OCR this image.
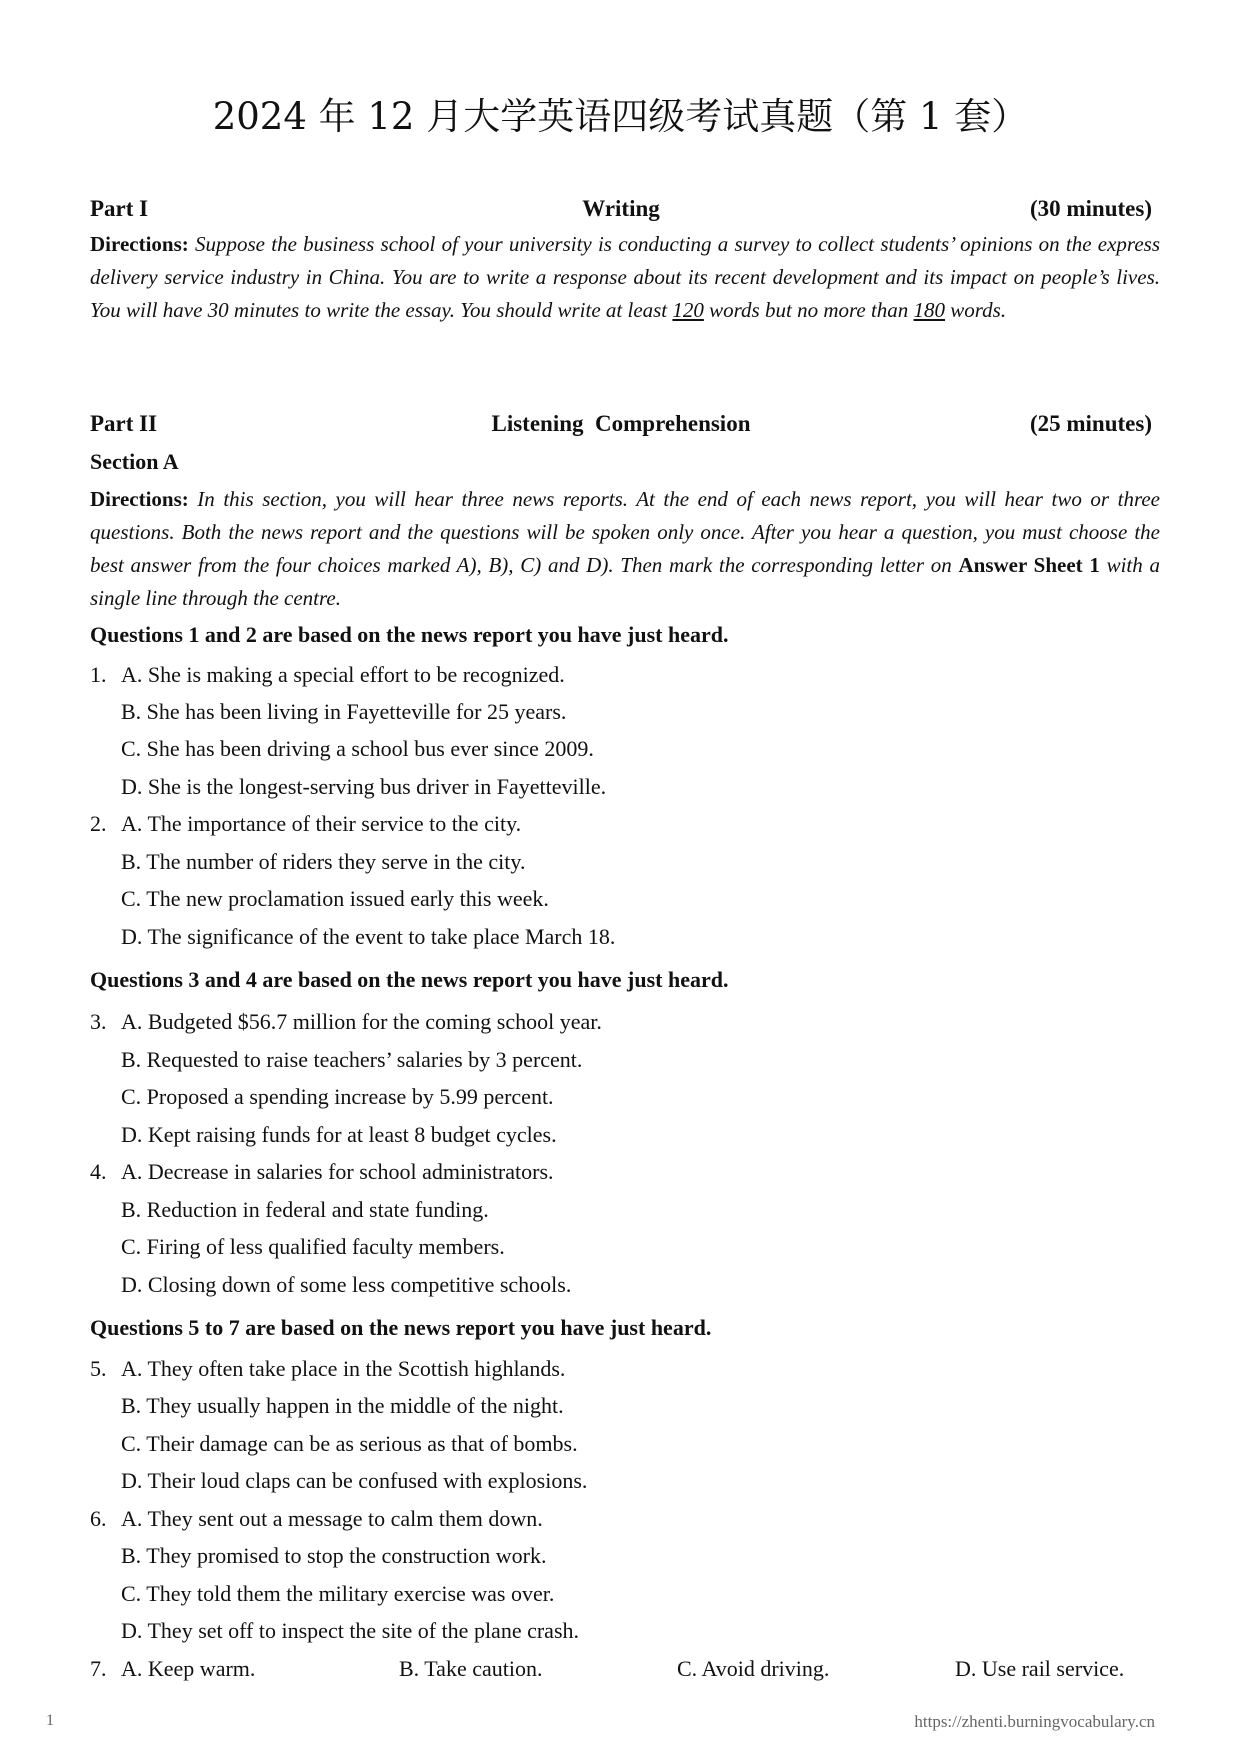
2024 年 12 月大学英语四级考试真题（第 1 套）
Part I	Writing	(30 minutes)
Directions: Suppose the business school of your university is conducting a survey to collect students’ opinions on the express delivery service industry in China. You are to write a response about its recent development and its impact on people’s lives. You will have 30 minutes to write the essay. You should write at least 120 words but no more than 180 words.
Part II	Listening  Comprehension	(25 minutes)
Section A
Directions: In this section, you will hear three news reports. At the end of each news report, you will hear two or three questions. Both the news report and the questions will be spoken only once. After you hear a question, you must choose the best answer from the four choices marked A), B), C) and D). Then mark the corresponding letter on Answer Sheet 1 with a single line through the centre.
Questions 1 and 2 are based on the news report you have just heard.
1. A. She is making a special effort to be recognized.
B. She has been living in Fayetteville for 25 years.
C. She has been driving a school bus ever since 2009.
D. She is the longest-serving bus driver in Fayetteville.
2. A. The importance of their service to the city.
B. The number of riders they serve in the city.
C. The new proclamation issued early this week.
D. The significance of the event to take place March 18.
Questions 3 and 4 are based on the news report you have just heard.
3. A. Budgeted $56.7 million for the coming school year.
B. Requested to raise teachers’ salaries by 3 percent.
C. Proposed a spending increase by 5.99 percent.
D. Kept raising funds for at least 8 budget cycles.
4. A. Decrease in salaries for school administrators.
B. Reduction in federal and state funding.
C. Firing of less qualified faculty members.
D. Closing down of some less competitive schools.
Questions 5 to 7 are based on the news report you have just heard.
5. A. They often take place in the Scottish highlands.
B. They usually happen in the middle of the night.
C. Their damage can be as serious as that of bombs.
D. Their loud claps can be confused with explosions.
6. A. They sent out a message to calm them down.
B. They promised to stop the construction work.
C. They told them the military exercise was over.
D. They set off to inspect the site of the plane crash.
7. A. Keep warm.	B. Take caution.	C. Avoid driving.	D. Use rail service.
1	https://zhenti.burningvocabulary.cn
